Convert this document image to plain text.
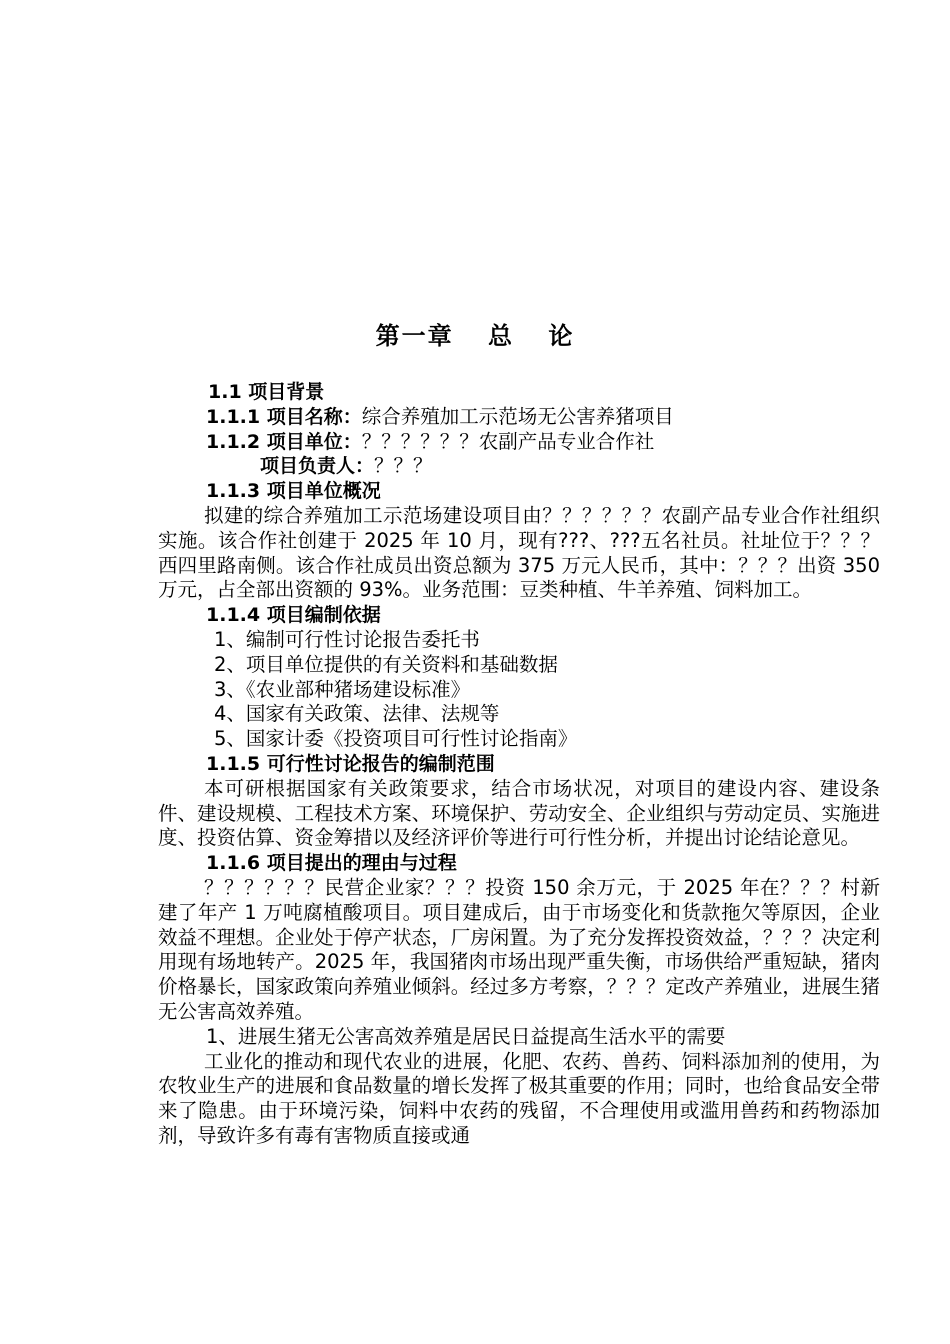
第一章 总 论
1.1 项目背景
1.1.1 项目名称：综合养殖加工示范场无公害养猪项目
1.1.2 项目单位：？？？？？？农副产品专业合作社
项目负责人：？？？
1.1.3 项目单位概况
拟建的综合养殖加工示范场建设项目由？？？？？？农副产品专业合作社组织实施。该合作社创建于 2025 年 10 月，现有???、???五名社员。社址位于？？？西四里路南侧。该合作社成员出资总额为 375 万元人民币，其中：？？？出资 350 万元，占全部出资额的 93%。业务范围：豆类种植、牛羊养殖、饲料加工。
1.1.4 项目编制依据
1、编制可行性讨论报告委托书
2、项目单位提供的有关资料和基础数据
3、《农业部种猪场建设标准》
4、国家有关政策、法律、法规等
5、国家计委《投资项目可行性讨论指南》
1.1.5 可行性讨论报告的编制范围
本可研根据国家有关政策要求，结合市场状况，对项目的建设内容、建设条件、建设规模、工程技术方案、环境保护、劳动安全、企业组织与劳动定员、实施进度、投资估算、资金筹措以及经济评价等进行可行性分析，并提出讨论结论意见。
1.1.6 项目提出的理由与过程
？？？？？？民营企业家？？？投资 150 余万元，于 2025 年在？？？村新建了年产 1 万吨腐植酸项目。项目建成后，由于市场变化和货款拖欠等原因，企业效益不理想。企业处于停产状态，厂房闲置。为了充分发挥投资效益，？？？决定利用现有场地转产。2025 年，我国猪肉市场出现严重失衡，市场供给严重短缺，猪肉价格暴长，国家政策向养殖业倾斜。经过多方考察，？？？定改产养殖业，进展生猪无公害高效养殖。
1、进展生猪无公害高效养殖是居民日益提高生活水平的需要
工业化的推动和现代农业的进展，化肥、农药、兽药、饲料添加剂的使用，为农牧业生产的进展和食品数量的增长发挥了极其重要的作用；同时，也给食品安全带来了隐患。由于环境污染，饲料中农药的残留，不合理使用或滥用兽药和药物添加剂，导致许多有毒有害物质直接或通
